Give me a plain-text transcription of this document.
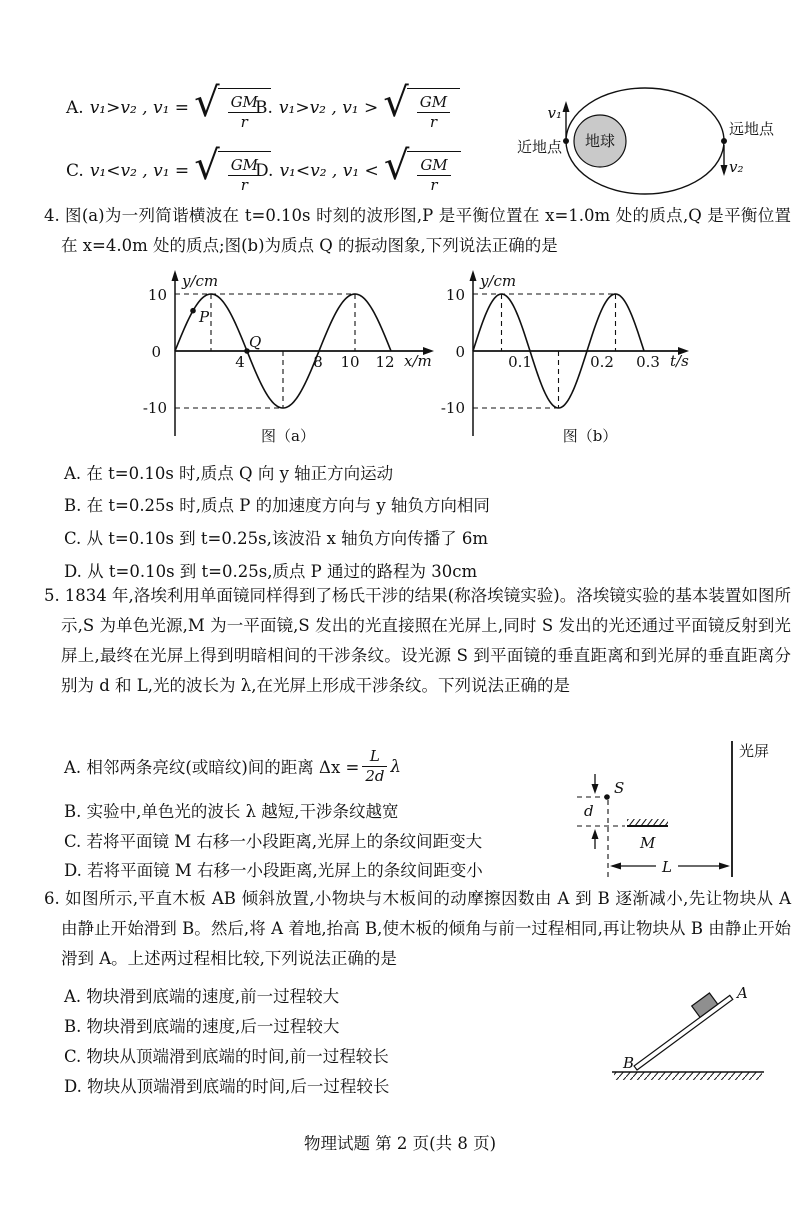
A. v₁>v₂ , v₁ = √ $\frac{GM}{r}$
B. v₁>v₂ , v₁ > √ $\frac{GM}{r}$
C. v₁<v₂ , v₁ = √ $\frac{GM}{r}$
D. v₁<v₂ , v₁ < √ $\frac{GM}{r}$
地球
v₁
v₂
近地点
远地点
4. 图(a)为一列简谐横波在 t=0.10s 时刻的波形图,P 是平衡位置在 x=1.0m 处的质点,Q 是平衡位置在 x=4.0m 处的质点;图(b)为质点 Q 的振动图象,下列说法正确的是
P
Q
y/cm
10
0
-10
4	8 10 12 x/m
图（a）
y/cm
10
0
-10
0.1	0.2 0.3 t/s
图（b）
A. 在 t=0.10s 时,质点 Q 向 y 轴正方向运动
B. 在 t=0.25s 时,质点 P 的加速度方向与 y 轴负方向相同
C. 从 t=0.10s 到 t=0.25s,该波沿 x 轴负方向传播了 6m
D. 从 t=0.10s 到 t=0.25s,质点 P 通过的路程为 30cm
5. 1834 年,洛埃利用单面镜同样得到了杨氏干涉的结果(称洛埃镜实验)。洛埃镜实验的基本装置如图所示,S 为单色光源,M 为一平面镜,S 发出的光直接照在光屏上,同时 S 发出的光还通过平面镜反射到光屏上,最终在光屏上得到明暗相间的干涉条纹。设光源 S 到平面镜的垂直距离和到光屏的垂直距离分别为 d 和 L,光的波长为 λ,在光屏上形成干涉条纹。下列说法正确的是
A. 相邻两条亮纹(或暗纹)间的距离 $\Delta x = \frac{L}{2d}$ λ
B. 实验中,单色光的波长 λ 越短,干涉条纹越宽
C. 若将平面镜 M 右移一小段距离,光屏上的条纹间距变大
D. 若将平面镜 M 右移一小段距离,光屏上的条纹间距变小
光屏
S
d
M
L
6. 如图所示,平直木板 AB 倾斜放置,小物块与木板间的动摩擦因数由 A 到 B 逐渐减小,先让物块从 A 由静止开始滑到 B。然后,将 A 着地,抬高 B,使木板的倾角与前一过程相同,再让物块从 B 由静止开始滑到 A。上述两过程相比较,下列说法正确的是
A. 物块滑到底端的速度,前一过程较大
B. 物块滑到底端的速度,后一过程较大
C. 物块从顶端滑到底端的时间,前一过程较长
D. 物块从顶端滑到底端的时间,后一过程较长
A
B
物理试题 第 2 页(共 8 页)
